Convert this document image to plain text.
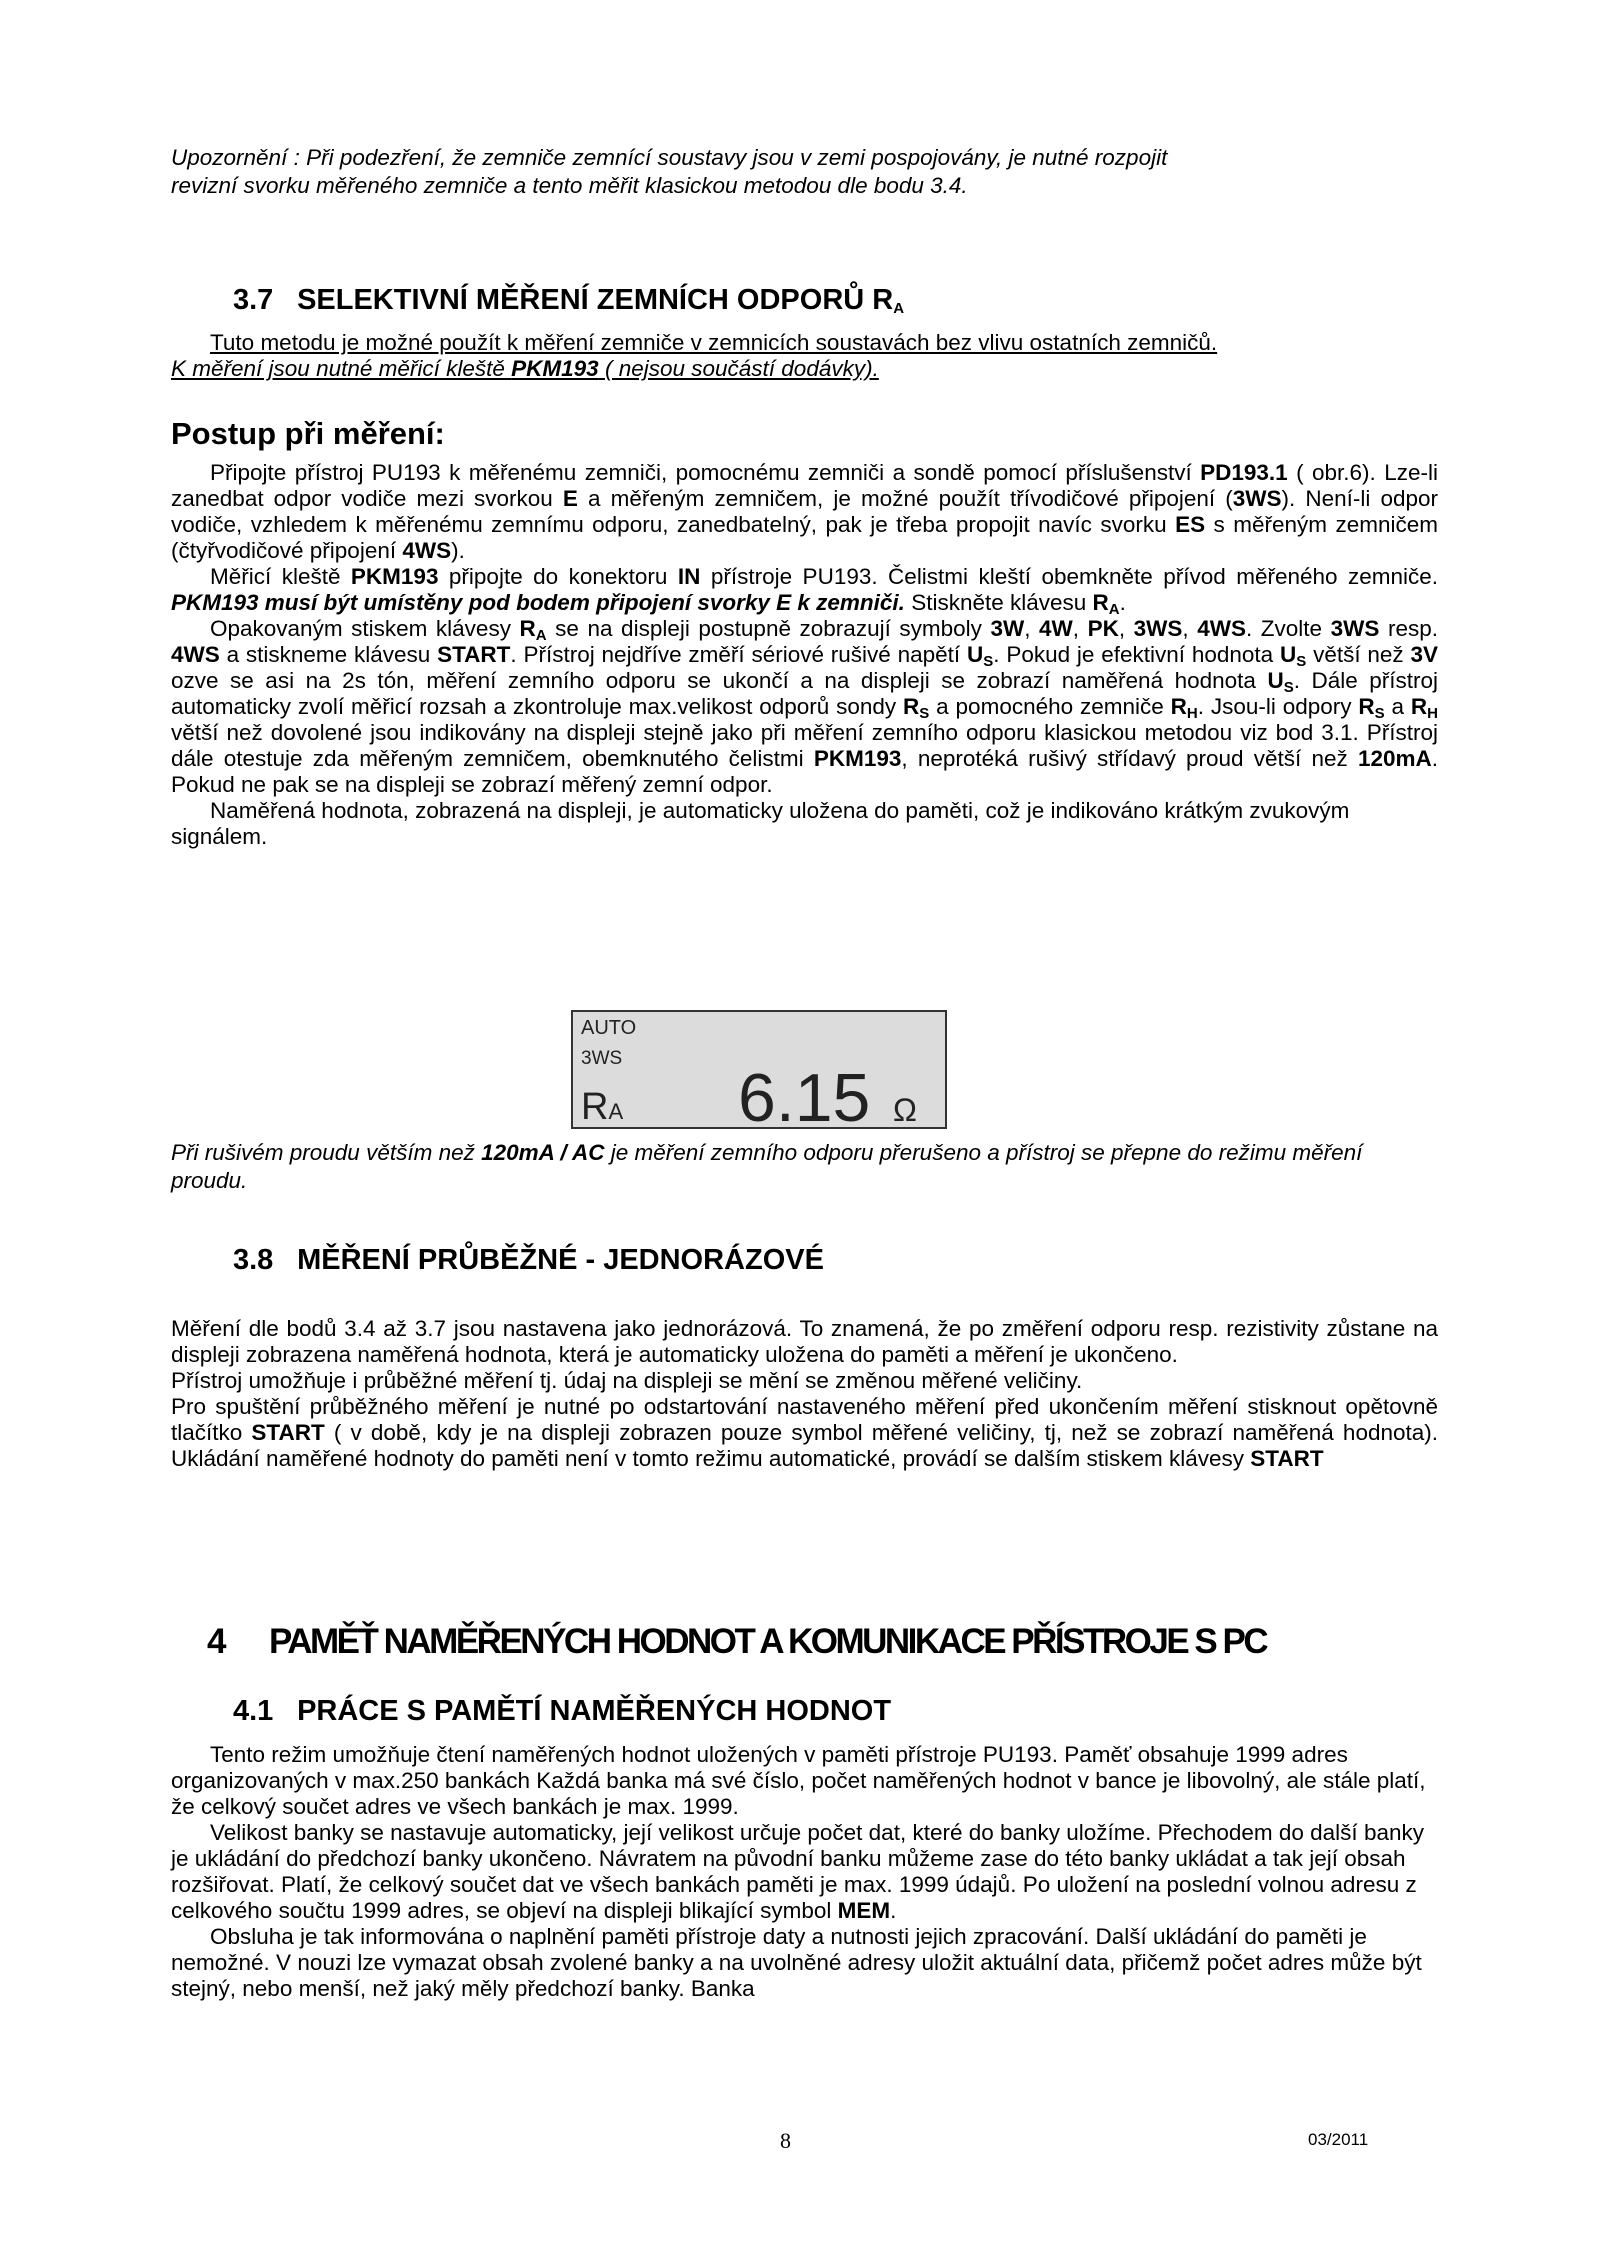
Upozornění : Při podezření, že zemniče zemnící soustavy jsou v zemi pospojovány, je nutné rozpojit
revizní svorku měřeného zemniče a tento měřit klasickou metodou dle bodu 3.4.
3.7 SELEKTIVNÍ MĚŘENÍ ZEMNÍCH ODPORŮ $R_A$
Tuto metodu je možné použít k měření zemniče v zemnicích soustavách bez vlivu ostatních zemničů.
K měření jsou nutné měřicí kleště PKM193 ( nejsou součástí dodávky).
Postup při měření:

Připojte přístroj PU193 k měřenému zemniči, pomocnému zemniči a sondě pomocí příslušenství PD193.1 ( obr.6). Lze-li zanedbat odpor vodiče mezi svorkou E a měřeným zemničem, je možné použít třívodičové připojení (3WS). Není-li odpor vodiče, vzhledem k měřenému zemnímu odporu, zanedbatelný, pak je třeba propojit navíc svorku ES s měřeným zemničem (čtyřvodičové připojení 4WS).

Měřicí kleště PKM193 připojte do konektoru IN přístroje PU193. Čelistmi kleští obemkněte přívod měřeného zemniče. PKM193 musí být umístěny pod bodem připojení svorky E k zemniči. Stiskněte klávesu $R_A$.

Opakovaným stiskem klávesy $R_A$ se na displeji postupně zobrazují symboly 3W, 4W, PK, 3WS, 4WS. Zvolte 3WS resp. 4WS a stiskneme klávesu START. Přístroj nejdříve změří sériové rušivé napětí $U_S$. Pokud je efektivní hodnota $U_S$ větší než 3V ozve se asi na 2s tón, měření zemního odporu se ukončí a na displeji se zobrazí naměřená hodnota $U_S$. Dále přístroj automaticky zvolí měřicí rozsah a zkontroluje max.velikost odporů sondy $R_S$ a pomocného zemniče $R_H$. Jsou-li odpory $R_S$ a $R_H$ větší než dovolené jsou indikovány na displeji stejně jako při měření zemního odporu klasickou metodou viz bod 3.1. Přístroj dále otestuje zda měřeným zemničem, obemknutého čelistmi PKM193, neprotéká rušivý střídavý proud větší než 120mA. Pokud ne pak se na displeji se zobrazí měřený zemní odpor.

Naměřená hodnota, zobrazená na displeji, je automaticky uložena do paměti, což je indikováno krátkým zvukovým signálem.

AUTO
3WS
RA 6.15 Ω
Při rušivém proudu větším než 120mA / AC je měření zemního odporu přerušeno a přístroj se přepne do režimu měření proudu.
3.8 MĚŘENÍ PRŮBĚŽNÉ - JEDNORÁZOVÉ

Měření dle bodů 3.4 až 3.7 jsou nastavena jako jednorázová. To znamená, že po změření odporu resp. rezistivity zůstane na displeji zobrazena naměřená hodnota, která je automaticky uložena do paměti a měření je ukončeno.

Přístroj umožňuje i průběžné měření tj. údaj na displeji se mění se změnou měřené veličiny.

Pro spuštění průběžného měření je nutné po odstartování nastaveného měření před ukončením měření stisknout opětovně tlačítko START ( v době, kdy je na displeji zobrazen pouze symbol měřené veličiny, tj, než se zobrazí naměřená hodnota). Ukládání naměřené hodnoty do paměti není v tomto režimu automatické, provádí se dalším stiskem klávesy START

4 PAMĚŤ NAMĚŘENÝCH HODNOT A KOMUNIKACE PŘÍSTROJE S PC
4.1 PRÁCE S PAMĚTÍ NAMĚŘENÝCH HODNOT

Tento režim umožňuje čtení naměřených hodnot uložených v paměti přístroje PU193. Paměť obsahuje 1999 adres organizovaných v max.250 bankách Každá banka má své číslo, počet naměřených hodnot v bance je libovolný, ale stále platí, že celkový součet adres ve všech bankách je max. 1999.

Velikost banky se nastavuje automaticky, její velikost určuje počet dat, které do banky uložíme. Přechodem do další banky je ukládání do předchozí banky ukončeno. Návratem na původní banku můžeme zase do této banky ukládat a tak její obsah rozšiřovat. Platí, že celkový součet dat ve všech bankách paměti je max. 1999 údajů. Po uložení na poslední volnou adresu z celkového součtu 1999 adres, se objeví na displeji blikající symbol MEM.

Obsluha je tak informována o naplnění paměti přístroje daty a nutnosti jejich zpracování. Další ukládání do paměti je nemožné. V nouzi lze vymazat obsah zvolené banky a na uvolněné adresy uložit aktuální data, přičemž počet adres může být stejný, nebo menší, než jaký měly předchozí banky. Banka

8	03/2011
